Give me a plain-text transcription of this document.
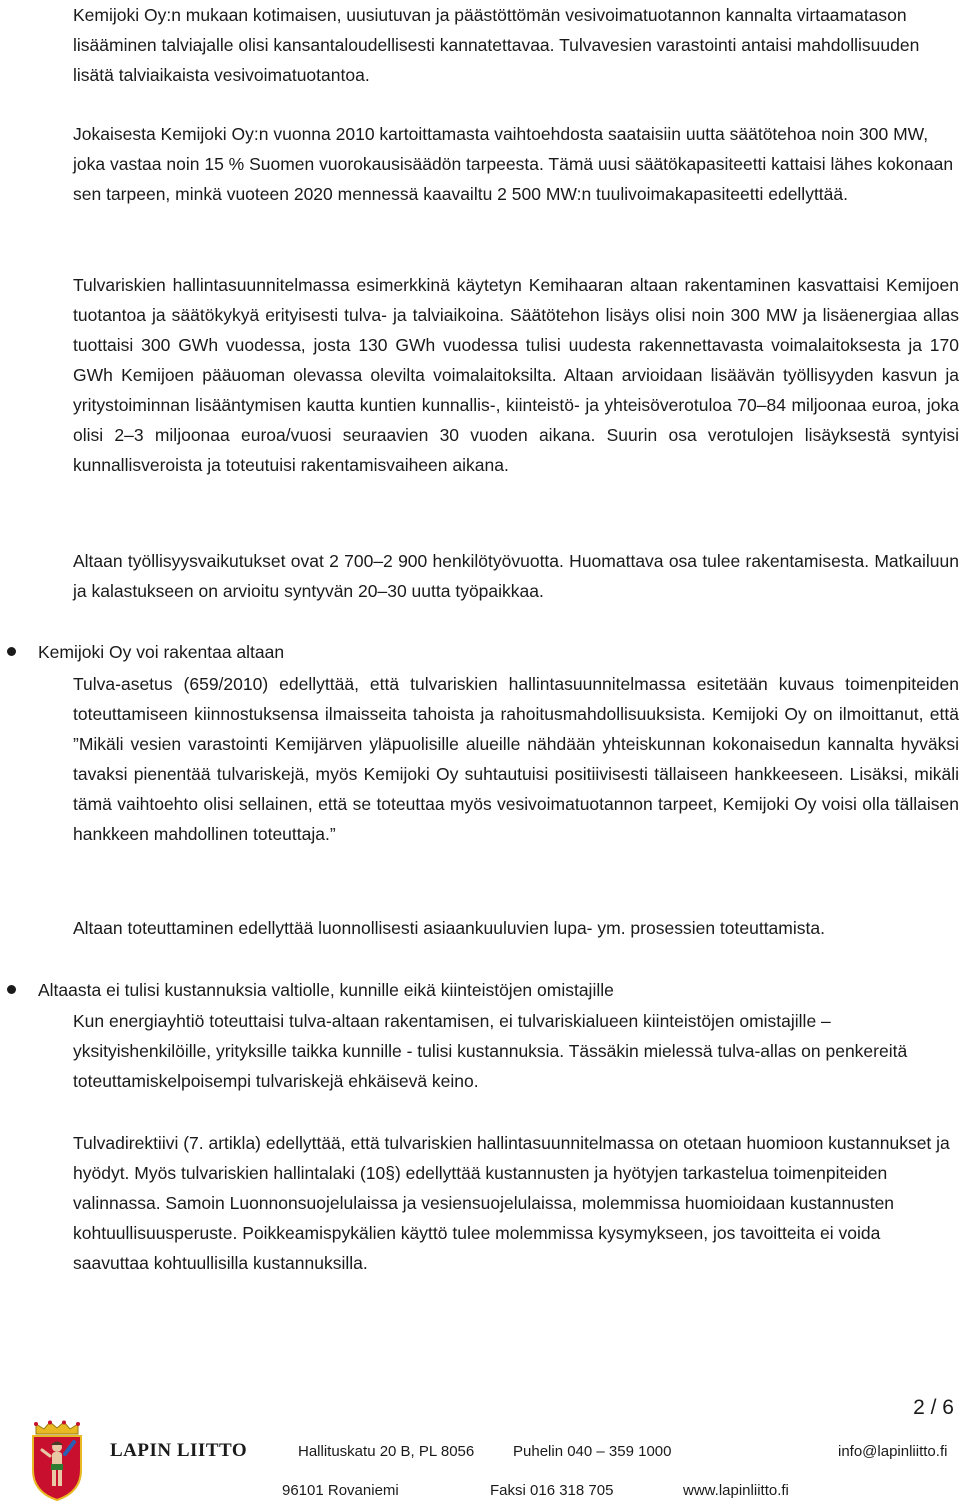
Kemijoki Oy:n mukaan kotimaisen, uusiutuvan ja päästöttömän vesivoimatuotannon kannalta virtaamatason lisääminen talviajalle olisi kansantaloudellisesti kannatettavaa. Tulvavesien varastointi antaisi mahdollisuuden lisätä talviaikaista vesivoimatuotantoa.

Jokaisesta Kemijoki Oy:n vuonna 2010 kartoittamasta vaihtoehdosta saataisiin uutta säätötehoa noin 300 MW, joka vastaa noin 15 % Suomen vuorokausisäädön tarpeesta. Tämä uusi säätökapasiteetti kattaisi lähes kokonaan sen tarpeen, minkä vuoteen 2020 mennessä kaavailtu 2 500 MW:n tuulivoimakapasiteetti edellyttää.

Tulvariskien hallintasuunnitelmassa esimerkkinä käytetyn Kemihaaran altaan rakentaminen kasvattaisi Kemijoen tuotantoa ja säätökykyä erityisesti tulva- ja talviaikoina. Säätötehon lisäys olisi noin 300 MW ja lisäenergiaa allas tuottaisi 300 GWh vuodessa, josta 130 GWh vuodessa tulisi uudesta rakennettavasta voimalaitoksesta ja 170 GWh Kemijoen pääuoman olevassa olevilta voimalaitoksilta. Altaan arvioidaan lisäävän työllisyyden kasvun ja yritystoiminnan lisääntymisen kautta kuntien kunnallis-, kiinteistö- ja yhteisöverotuloa 70–84 miljoonaa euroa, joka olisi 2–3 miljoonaa euroa/vuosi seuraavien 30 vuoden aikana. Suurin osa verotulojen lisäyksestä syntyisi kunnallisveroista ja toteutuisi rakentamisvaiheen aikana.

Altaan työllisyysvaikutukset ovat 2 700–2 900 henkilötyövuotta. Huomattava osa tulee rakentamisesta. Matkailuun ja kalastukseen on arvioitu syntyvän 20–30 uutta työpaikkaa.

Kemijoki Oy voi rakentaa altaan

Tulva-asetus (659/2010) edellyttää, että tulvariskien hallintasuunnitelmassa esitetään kuvaus toimenpiteiden toteuttamiseen kiinnostuksensa ilmaisseita tahoista ja rahoitusmahdollisuuksista. Kemijoki Oy on ilmoittanut, että ”Mikäli vesien varastointi Kemijärven yläpuolisille alueille nähdään yhteiskunnan kokonaisedun kannalta hyväksi tavaksi pienentää tulvariskejä, myös Kemijoki Oy suhtautuisi positiivisesti tällaiseen hankkeeseen. Lisäksi, mikäli tämä vaihtoehto olisi sellainen, että se toteuttaa myös vesivoimatuotannon tarpeet, Kemijoki Oy voisi olla tällaisen hankkeen mahdollinen toteuttaja.”

Altaan toteuttaminen edellyttää luonnollisesti asiaankuuluvien lupa- ym. prosessien toteuttamista.

Altaasta ei tulisi kustannuksia valtiolle, kunnille eikä kiinteistöjen omistajille

Kun energiayhtiö toteuttaisi tulva-altaan rakentamisen, ei tulvariskialueen kiinteistöjen omistajille – yksityishenkilöille, yrityksille taikka kunnille - tulisi kustannuksia. Tässäkin mielessä tulva-allas on penkereitä toteuttamiskelpoisempi tulvariskejä ehkäisevä keino.

Tulvadirektiivi (7. artikla) edellyttää, että tulvariskien hallintasuunnitelmassa on otetaan huomioon kustannukset ja hyödyt. Myös tulvariskien hallintalaki (10§) edellyttää kustannusten ja hyötyjen tarkastelua toimenpiteiden valinnassa. Samoin Luonnonsuojelulaissa ja vesiensuojelulaissa, molemmissa huomioidaan kustannusten kohtuullisuusperuste. Poikkeamispykälien käyttö tulee molemmissa kysymykseen, jos tavoitteita ei voida saavuttaa kohtuullisilla kustannuksilla.

2 / 6
LAPIN LIITTO	Hallituskatu 20 B, PL 8056
96101 Rovaniemi
Puhelin 040 – 359 1000
Faksi 016 318 705
info@lapinliitto.fi
www.lapinliitto.fi
